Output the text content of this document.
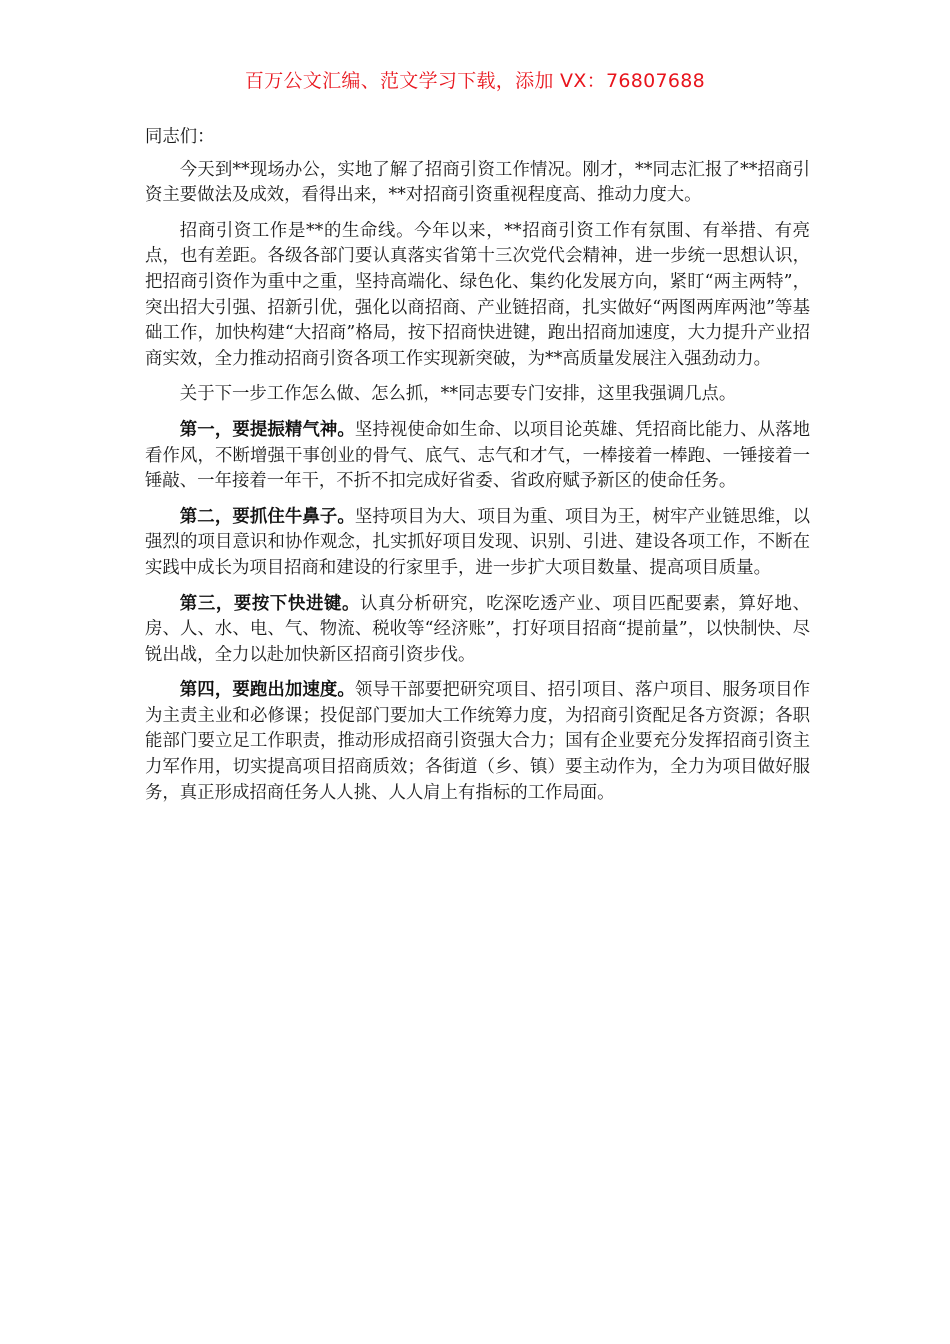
百万公文汇编、范文学习下载，添加 VX：76807688

同志们：

今天到**现场办公，实地了解了招商引资工作情况。刚才，**同志汇报了**招商引资主要做法及成效，看得出来，**对招商引资重视程度高、推动力度大。

招商引资工作是**的生命线。今年以来，**招商引资工作有氛围、有举措、有亮点，也有差距。各级各部门要认真落实省第十三次党代会精神，进一步统一思想认识，把招商引资作为重中之重，坚持高端化、绿色化、集约化发展方向，紧盯“两主两特”，突出招大引强、招新引优，强化以商招商、产业链招商，扎实做好“两图两库两池”等基础工作，加快构建“大招商”格局，按下招商快进键，跑出招商加速度，大力提升产业招商实效，全力推动招商引资各项工作实现新突破，为**高质量发展注入强劲动力。

关于下一步工作怎么做、怎么抓，**同志要专门安排，这里我强调几点。

第一，要提振精气神。坚持视使命如生命、以项目论英雄、凭招商比能力、从落地看作风，不断增强干事创业的骨气、底气、志气和才气，一棒接着一棒跑、一锤接着一锤敲、一年接着一年干，不折不扣完成好省委、省政府赋予新区的使命任务。

第二，要抓住牛鼻子。坚持项目为大、项目为重、项目为王，树牢产业链思维，以强烈的项目意识和协作观念，扎实抓好项目发现、识别、引进、建设各项工作，不断在实践中成长为项目招商和建设的行家里手，进一步扩大项目数量、提高项目质量。

第三，要按下快进键。认真分析研究，吃深吃透产业、项目匹配要素，算好地、房、人、水、电、气、物流、税收等“经济账”，打好项目招商“提前量”，以快制快、尽锐出战，全力以赴加快新区招商引资步伐。

第四，要跑出加速度。领导干部要把研究项目、招引项目、落户项目、服务项目作为主责主业和必修课；投促部门要加大工作统筹力度，为招商引资配足各方资源；各职能部门要立足工作职责，推动形成招商引资强大合力；国有企业要充分发挥招商引资主力军作用，切实提高项目招商质效；各街道（乡、镇）要主动作为，全力为项目做好服务，真正形成招商任务人人挑、人人肩上有指标的工作局面。
